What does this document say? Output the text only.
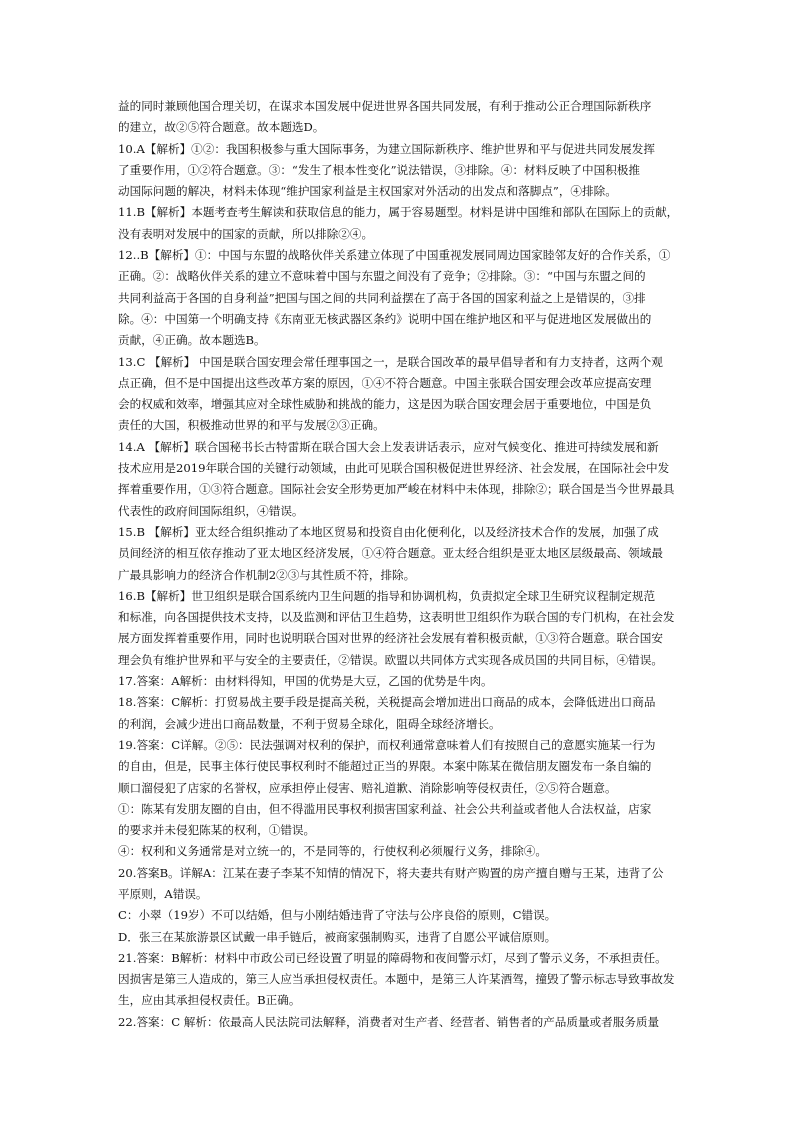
益的同时兼顾他国合理关切，在谋求本国发展中促进世界各国共同发展，有利于推动公正合理国际新秩序
的建立，故②⑤符合题意。故本题选D。
10.A【解析】①②：我国积极参与重大国际事务，为建立国际新秩序、维护世界和平与促进共同发展发挥
了重要作用，①②符合题意。③：“发生了根本性变化”说法错误，③排除。④：材料反映了中国积极推
动国际问题的解决，材料未体现“维护国家利益是主权国家对外活动的出发点和落脚点”，④排除。
11.B【解析】本题考查考生解读和获取信息的能力，属于容易题型。材料是讲中国维和部队在国际上的贡献，
没有表明对发展中的国家的贡献，所以排除②④。
12..B【解析】①：中国与东盟的战略伙伴关系建立体现了中国重视发展同周边国家睦邻友好的合作关系，①
正确。②：战略伙伴关系的建立不意味着中国与东盟之间没有了竞争；②排除。③：“中国与东盟之间的
共同利益高于各国的自身利益”把国与国之间的共同利益摆在了高于各国的国家利益之上是错误的，③排
除。④：中国第一个明确支持《东南亚无核武器区条约》说明中国在维护地区和平与促进地区发展做出的
贡献，④正确。故本题选B。
13.C 【解析】 中国是联合国安理会常任理事国之一，是联合国改革的最早倡导者和有力支持者，这两个观
点正确，但不是中国提出这些改革方案的原因，①④不符合题意。中国主张联合国安理会改革应提高安理
会的权威和效率，增强其应对全球性威胁和挑战的能力，这是因为联合国安理会居于重要地位，中国是负
责任的大国，积极推动世界的和平与发展②③正确。
14.A 【解析】联合国秘书长古特雷斯在联合国大会上发表讲话表示，应对气候变化、推进可持续发展和新
技术应用是2019年联合国的关键行动领域，由此可见联合国积极促进世界经济、社会发展，在国际社会中发
挥着重要作用，①③符合题意。国际社会安全形势更加严峻在材料中未体现，排除②；联合国是当今世界最具
代表性的政府间国际组织，④错误。
15.B 【解析】亚太经合组织推动了本地区贸易和投资自由化便利化，以及经济技术合作的发展，加强了成
员间经济的相互依存推动了亚太地区经济发展，①④符合题意。亚太经合组织是亚太地区层级最高、领域最
广最具影响力的经济合作机制2②③与其性质不符，排除。
16.B【解析】世卫组织是联合国系统内卫生问题的指导和协调机构，负责拟定全球卫生研究议程制定规范
和标准，向各国提供技术支持，以及监测和评估卫生趋势，这表明世卫组织作为联合国的专门机构，在社会发
展方面发挥着重要作用，同时也说明联合国对世界的经济社会发展有着积极贡献，①③符合题意。联合国安
理会负有维护世界和平与安全的主要责任，②错误。欧盟以共同体方式实现各成员国的共同目标，④错误。
17.答案：A解析：由材料得知，甲国的优势是大豆，乙国的优势是牛肉。
18.答案：C解析：打贸易战主要手段是提高关税，关税提高会增加进出口商品的成本，会降低进出口商品
的利润，会减少进出口商品数量，不利于贸易全球化，阻碍全球经济增长。
19.答案：C详解。②⑤：民法强调对权利的保护，而权利通常意味着人们有按照自己的意愿实施某一行为
的自由，但是，民事主体行使民事权利时不能超过正当的界限。本案中陈某在微信朋友圈发布一条自编的
顺口溜侵犯了店家的名誉权，应承担停止侵害、赔礼道歉、消除影响等侵权责任，②⑤符合题意。
①：陈某有发朋友圈的自由，但不得滥用民事权利损害国家利益、社会公共利益或者他人合法权益，店家
的要求并未侵犯陈某的权利，①错误。
④：权利和义务通常是对立统一的，不是同等的，行使权利必须履行义务，排除④。
20.答案B。详解A：江某在妻子李某不知情的情况下，将夫妻共有财产购置的房产擅自赠与王某，违背了公
平原则，A错误。
C：小翠（19岁）不可以结婚，但与小刚结婚违背了守法与公序良俗的原则，C错误。
D．张三在某旅游景区试戴一串手链后，被商家强制购买，违背了自愿公平诚信原则。
21.答案：B解析：材料中市政公司已经设置了明显的障碍物和夜间警示灯，尽到了警示义务，不承担责任。
因损害是第三人造成的，第三人应当承担侵权责任。本题中，是第三人许某酒驾，撞毁了警示标志导致事故发
生，应由其承担侵权责任。B正确。
22.答案：C 解析：依最高人民法院司法解释，消费者对生产者、经营者、销售者的产品质量或者服务质量
